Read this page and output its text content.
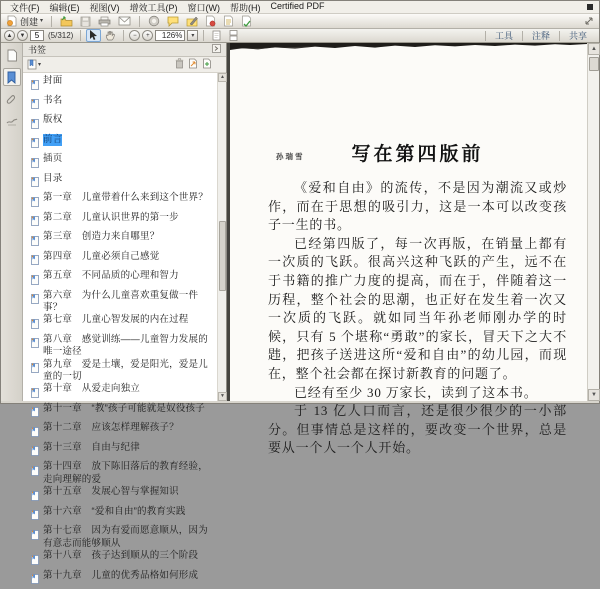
文件(F)	编辑(E)	视图(V)	增效工具(P)	窗口(W)	帮助(H)	Certified PDF
创建 ▾
▲	▼
5	(5/312)	−	+	126%	▾	工具	注释	共享
书签
▾
封面
书名
版权
前言
插页
目录
第一章　儿童带着什么来到这个世界？
第二章　儿童认识世界的第一步
第三章　创造力来自哪里？
第四章　儿童必须自己感觉
第五章　不同品质的心理和智力
第六章　为什么儿童喜欢重复做一件事？
第七章　儿童心智发展的内在过程
第八章　感觉训练——儿童智力发展的唯一途径
第九章　爱是土壤，爱是阳光，爱是儿童的一切
第十章　从爱走向独立
第十一章　“教”孩子可能就是奴役孩子
第十二章　应该怎样理解孩子？
第十三章　自由与纪律
第十四章　放下陈旧落后的教育经验，走向理解的爱
第十五章　发展心智与掌握知识
第十六章　“爱和自由”的教育实践
第十七章　因为有爱而愿意顺从，因为有意志而能够顺从
第十八章　孩子达到顺从的三个阶段
第十九章　儿童的优秀品格如何形成
▲
▼
孙瑞雪 写在第四版前

《爱和自由》的流传，不是因为潮流又或炒作，而在于思想的吸引力，这是一本可以改变孩子一生的书。

已经第四版了，每一次再版，在销量上都有一次质的飞跃。很高兴这种飞跃的产生，远不在于书籍的推广力度的提高，而在于，伴随着这一历程，整个社会的思潮，也正好在发生着一次又一次质的飞跃。就如同当年孙老师刚办学的时候，只有 5 个堪称“勇敢”的家长，冒天下之大不韪，把孩子送进这所“爱和自由”的幼儿园，而现在，整个社会都在探讨新教育的问题了。

已经有至少 30 万家长，读到了这本书。

于 13 亿人口而言，还是很少很少的一小部分。但事情总是这样的，要改变一个世界，总是要从一个人一个人开始。

▲
▼
